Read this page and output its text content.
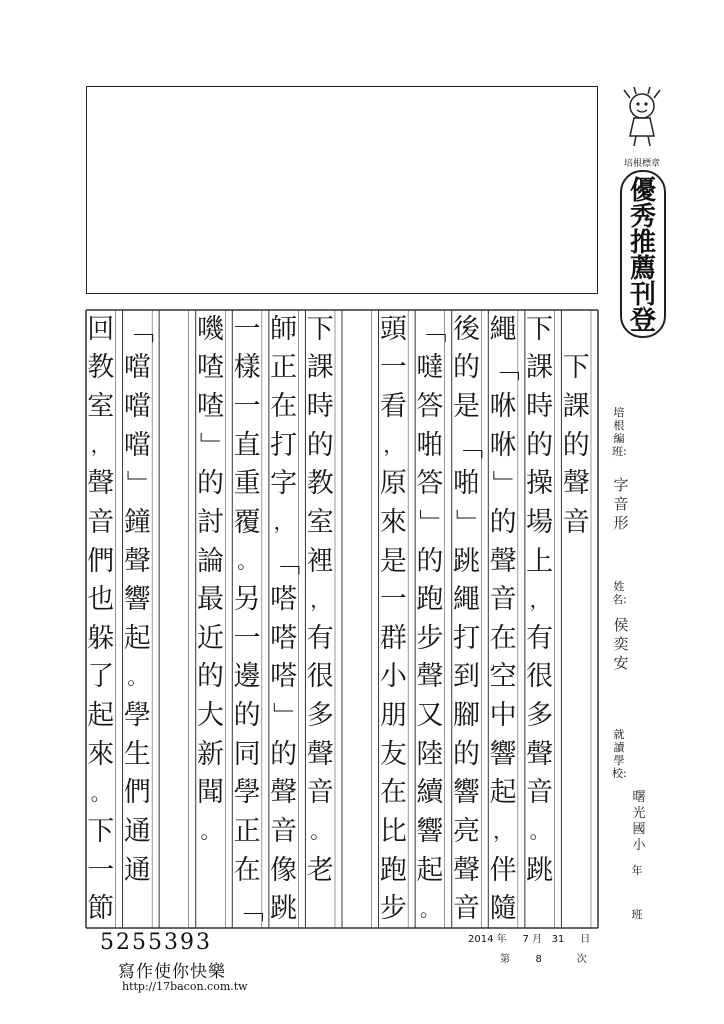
培根標章
優
秀
推
薦
刊
登
下
課
的
聲
音
下
課
時
的
操
場
上
，
有
很
多
聲
音
。
跳
繩
「
咻
咻
」
的
聲
音
在
空
中
響
起
，
伴
隨
後
的
是
「
啪
」
跳
繩
打
到
腳
的
響
亮
聲
音
「
噠
答
啪
答
」
的
跑
步
聲
又
陸
續
響
起
。
頭
一
看
，
原
來
是
一
群
小
朋
友
在
比
跑
步
下
課
時
的
教
室
裡
，
有
很
多
聲
音
。
老
師
正
在
打
字
，
「
嗒
嗒
嗒
」
的
聲
音
像
跳
一
樣
一
直
重
覆
。
另
一
邊
的
同
學
正
在
「
嘰
喳
喳
」
的
討
論
最
近
的
大
新
聞
。
「
噹
噹
噹
」
鐘
聲
響
起
。
學
生
們
通
通
回
教
室
，
聲
音
們
也
躲
了
起
來
。
下
一
節
培根編班:
字音形
姓名:
侯奕安
就讀學校:
曙光國小
年
班
2014 年 7 月 31 日
第	8	次
5255393
寫作使你快樂
http://17bacon.com.tw
